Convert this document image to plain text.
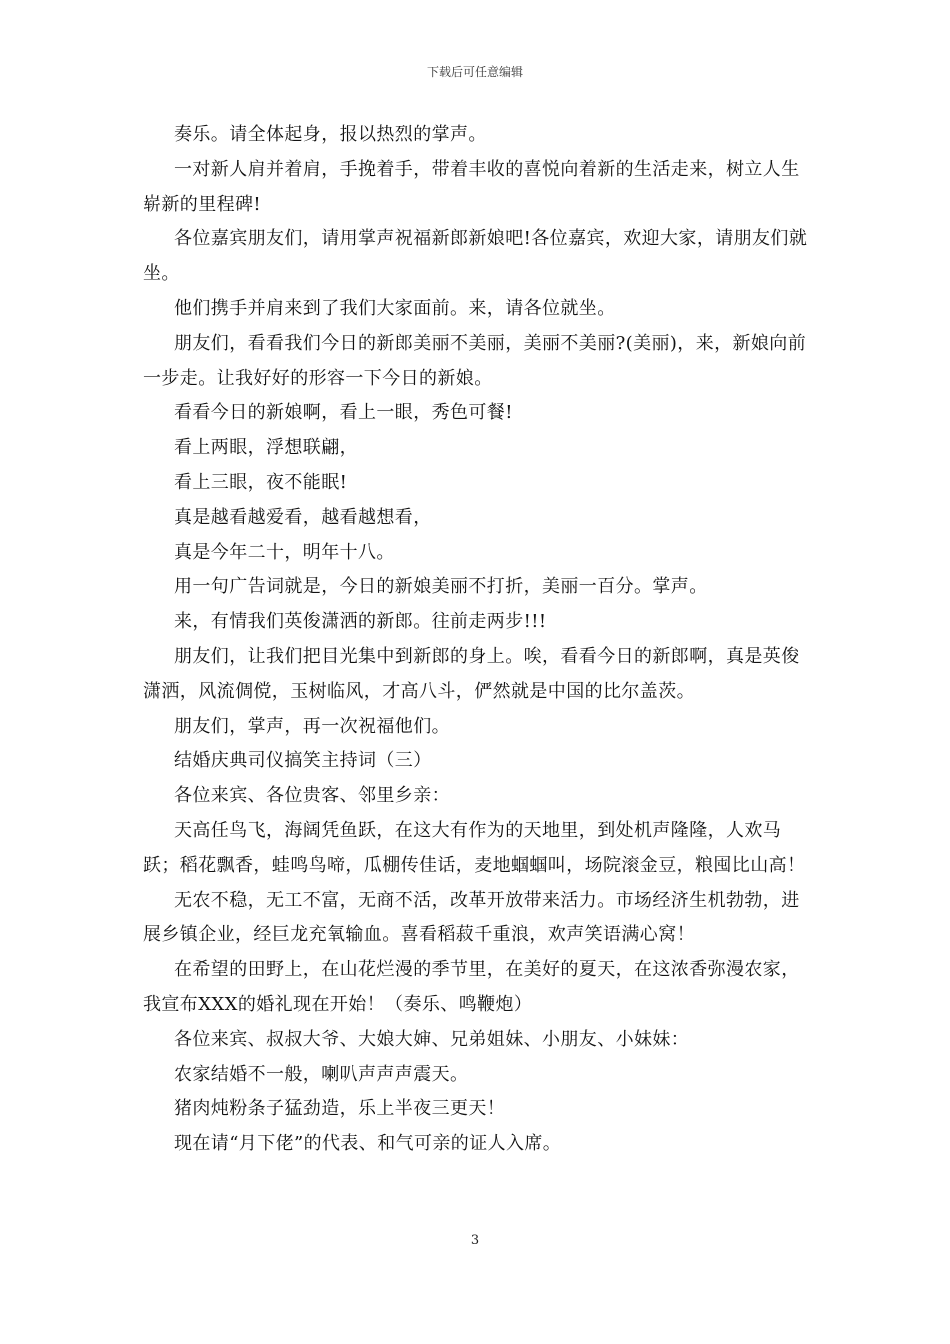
下载后可任意编辑

奏乐。请全体起身，报以热烈的掌声。

一对新人肩并着肩，手挽着手，带着丰收的喜悦向着新的生活走来，树立人生崭新的里程碑!

各位嘉宾朋友们，请用掌声祝福新郎新娘吧!各位嘉宾，欢迎大家，请朋友们就坐。

他们携手并肩来到了我们大家面前。来，请各位就坐。

朋友们，看看我们今日的新郎美丽不美丽，美丽不美丽?(美丽)，来，新娘向前一步走。让我好好的形容一下今日的新娘。

看看今日的新娘啊，看上一眼，秀色可餐!

看上两眼，浮想联翩，

看上三眼，夜不能眠!

真是越看越爱看，越看越想看，

真是今年二十，明年十八。

用一句广告词就是，今日的新娘美丽不打折，美丽一百分。掌声。

来，有情我们英俊潇洒的新郎。往前走两步!!!

朋友们，让我们把目光集中到新郎的身上。唉，看看今日的新郎啊，真是英俊潇洒，风流倜傥，玉树临风，才高八斗，俨然就是中国的比尔盖茨。

朋友们，掌声，再一次祝福他们。

结婚庆典司仪搞笑主持词（三）

各位来宾、各位贵客、邻里乡亲：

天高任鸟飞，海阔凭鱼跃，在这大有作为的天地里，到处机声隆隆，人欢马跃；稻花飘香，蛙鸣鸟啼，瓜棚传佳话，麦地蝈蝈叫，场院滚金豆，粮囤比山高！

无农不稳，无工不富，无商不活，改革开放带来活力。市场经济生机勃勃，进展乡镇企业，经巨龙充氧输血。喜看稻菽千重浪，欢声笑语满心窝！

在希望的田野上，在山花烂漫的季节里，在美好的夏天，在这浓香弥漫农家，我宣布XXX的婚礼现在开始！（奏乐、鸣鞭炮）

各位来宾、叔叔大爷、大娘大婶、兄弟姐妹、小朋友、小妹妹：

农家结婚不一般，喇叭声声声震天。

猪肉炖粉条子猛劲造，乐上半夜三更天！

现在请“月下佬”的代表、和气可亲的证人入席。

3
